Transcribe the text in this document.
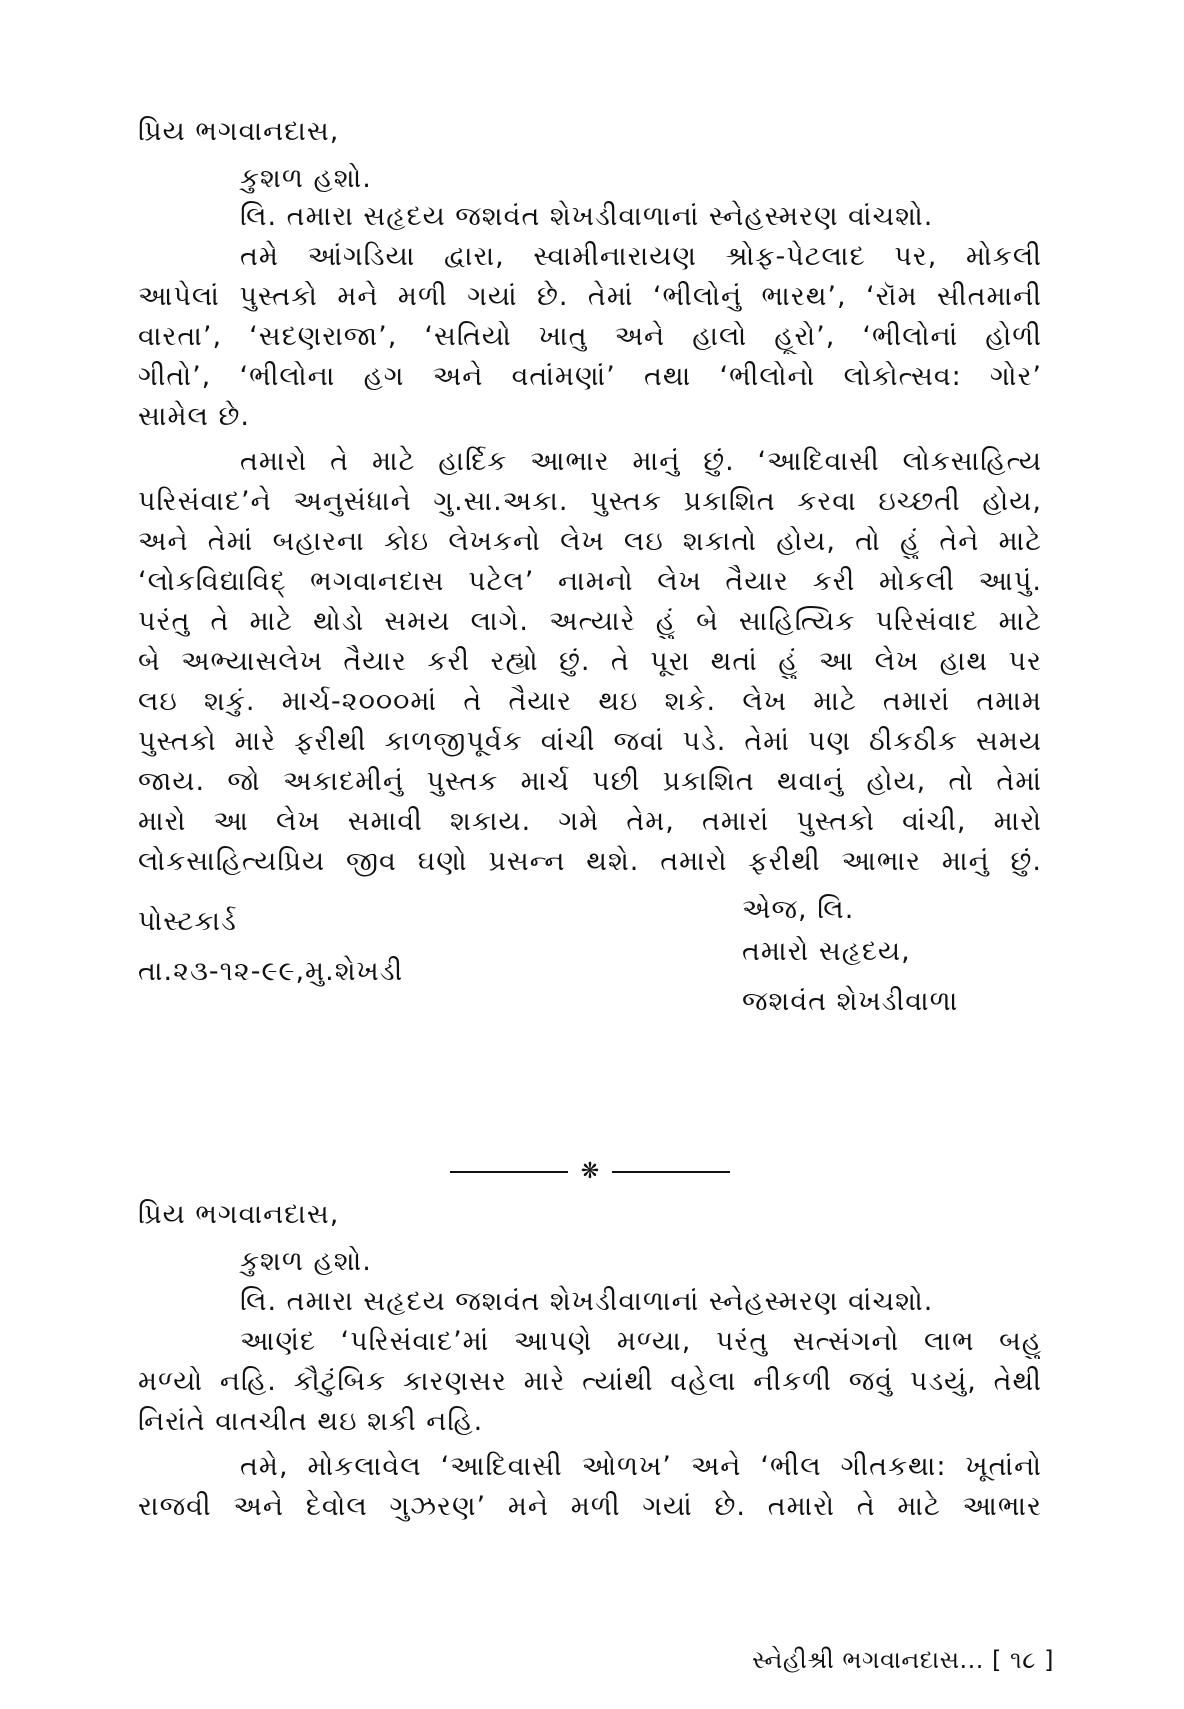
પ્રિય ભગવાનદાસ,
કુશળ હશો.
લિ. તમારા સહૃદય જશવંત શેખડીવાળાનાં સ્નેહસ્મરણ વાંચશો.
તમે આંગડિયા દ્વારા, સ્વામીનારાયણ શ્રોફ-પેટલાદ પર, મોકલી
આપેલાં પુસ્તકો મને મળી ગયાં છે. તેમાં ‘ભીલોનું ભારથ’, ‘રૉમ સીતમાની
વારતા’, ‘સદણરાજા’, ‘સતિયો ખાતુ અને હાલો હૂરો’, ‘ભીલોનાં હોળી
ગીતો’, ‘ભીલોના હગ અને વતાંમણાં’ તથા ‘ભીલોનો લોકોત્સવ: ગોર’
સામેલ છે.
તમારો તે માટે હાર્દિક આભાર માનું છું. ‘આદિવાસી લોકસાહિત્ય
પરિસંવાદ’ને અનુસંધાને ગુ.સા.અકા. પુસ્તક પ્રકાશિત કરવા ઇચ્છતી હોય,
અને તેમાં બહારના કોઇ લેખકનો લેખ લઇ શકાતો હોય, તો હું તેને માટે
‘લોકવિદ્યાવિદ્ ભગવાનદાસ પટેલ’ નામનો લેખ તૈયાર કરી મોકલી આપું.
પરંતુ તે માટે થોડો સમય લાગે. અત્યારે હું બે સાહિત્યિક પરિસંવાદ માટે
બે અભ્યાસલેખ તૈયાર કરી રહ્યો છું. તે પૂરા થતાં હું આ લેખ હાથ પર
લઇ શકું. માર્ચ-૨૦૦૦માં તે તૈયાર થઇ શકે. લેખ માટે તમારાં તમામ
પુસ્તકો મારે ફરીથી કાળજીપૂર્વક વાંચી જવાં પડે. તેમાં પણ ઠીકઠીક સમય
જાય. જો અકાદમીનું પુસ્તક માર્ચ પછી પ્રકાશિત થવાનું હોય, તો તેમાં
મારો આ લેખ સમાવી શકાય. ગમે તેમ, તમારાં પુસ્તકો વાંચી, મારો
લોકસાહિત્યપ્રિય જીવ ઘણો પ્રસન્ન થશે. તમારો ફરીથી આભાર માનું છું.
એજ, લિ.
પોસ્ટકાર્ડ
તમારો સહૃદય,
તા.૨૩-૧૨-૯૯,મુ.શેખડી
જશવંત શેખડીવાળા
❋
પ્રિય ભગવાનદાસ,
કુશળ હશો.
લિ. તમારા સહૃદય જશવંત શેખડીવાળાનાં સ્નેહસ્મરણ વાંચશો.
આણંદ ‘પરિસંવાદ’માં આપણે મળ્યા, પરંતુ સત્સંગનો લાભ બહુ
મળ્યો નહિ. કૌટુંબિક કારણસર મારે ત્યાંથી વહેલા નીકળી જવું પડયું, તેથી
નિરાંતે વાતચીત થઇ શકી નહિ.
તમે, મોકલાવેલ ‘આદિવાસી ઓળખ’ અને ‘ભીલ ગીતકથા: ખૂતાંનો
રાજવી અને દેવોલ ગુઝરણ’ મને મળી ગયાં છે. તમારો તે માટે આભાર
સ્નેહીશ્રી ભગવાનદાસ... [ ૧૮ ]
